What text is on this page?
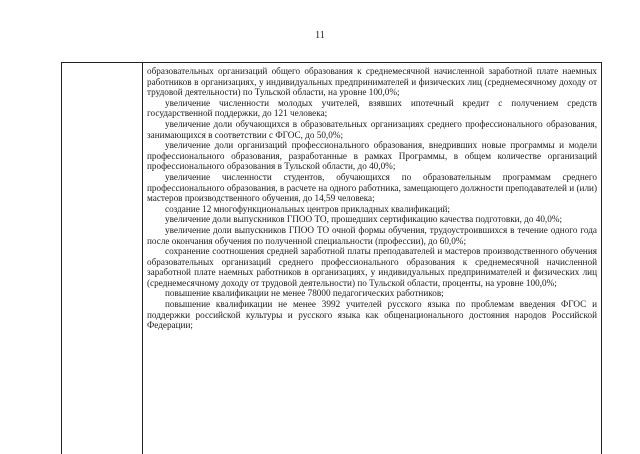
11

образовательных организаций общего образования к среднемесячной начисленной заработной плате наемных работников в организациях, у индивидуальных предпринимателей и физических лиц (среднемесячному доходу от трудовой деятельности) по Тульской области, на уровне 100,0%;

увеличение численности молодых учителей, взявших ипотечный кредит с получением средств государственной поддержки, до 121 человека;

увеличение доли обучающихся в образовательных организациях среднего профессионального образования, занимающихся в соответствии с ФГОС, до 50,0%;

увеличение доли организаций профессионального образования, внедривших новые программы и модели профессионального образования, разработанные в рамках Программы, в общем количестве организаций профессионального образования в Тульской области, до 40,0%;

увеличение численности студентов, обучающихся по образовательным программам среднего профессионального образования, в расчете на одного работника, замещающего должности преподавателей и (или) мастеров производственного обучения, до 14,59 человека;

создание 12 многофункциональных центров прикладных квалификаций;

увеличение доли выпускников ГПОО ТО, прошедших сертификацию качества подготовки, до 40,0%;

увеличение доли выпускников ГПОО ТО очной формы обучения, трудоустроившихся в течение одного года после окончания обучения по полученной специальности (профессии), до 60,0%;

сохранение соотношения средней заработной платы преподавателей и мастеров производственного обучения образовательных организаций среднего профессионального образования к среднемесячной начисленной заработной плате наемных работников в организациях, у индивидуальных предпринимателей и физических лиц (среднемесячному доходу от трудовой деятельности) по Тульской области, проценты, на уровне 100,0%;

повышение квалификации не менее 78000 педагогических работников;

повышение квалификации не менее 3992 учителей русского языка по проблемам введения ФГОС и поддержки российской культуры и русского языка как общенационального достояния народов Российской Федерации;
